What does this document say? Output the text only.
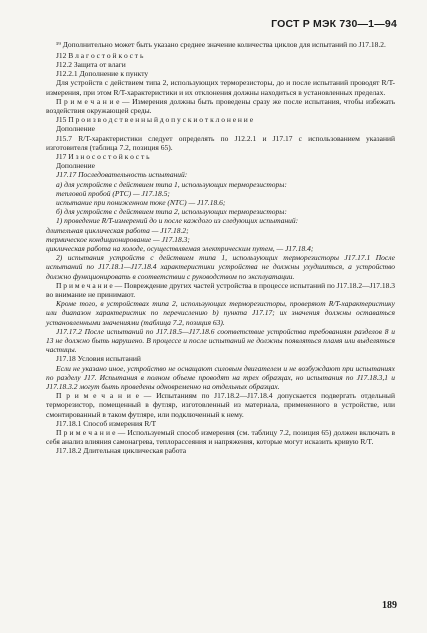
ГОСТ Р МЭК 730—1—94

¹⁹ Дополнительно может быть указано среднее значение количества циклов для испытаний по J17.18.2.

J12 В л а г о с т о й к о с т ь

J12.2 Защита от влаги

J12.2.1 Дополнение к пункту

Для устройств с действием типа 2, использующих терморезисторы, до и после испытаний проводят R/T-измерения, при этом R/T-характеристики и их отклонения должны находиться в установленных пределах.

П р и м е ч а н и е — Измерения должны быть проведены сразу же после испытания, чтобы избежать воздействия окружающей среды.

J15 П р о и з в о д с т в е н н ы й д о п у с к и о т к л о н е н и е

Дополнение

J15.7 R/T-характеристики следует определять по J12.2.1 и J17.17 с использованием указаний изготовителя (таблица 7.2, позиция 65).

J17 И з н о с о с т о й к о с т ь

Дополнение

J17.17 Последовательность испытаний:

а) для устройств с действием типа 1, использующих терморезисторы:

тепловой пробой (PTC) — J17.18.5;

испытание при пониженном токе (NTC) — J17.18.6;

б) для устройств с действием типа 2, использующих терморезисторы:

1) проведение R/T-измерений до и после каждого из следующих испытаний:

длительная циклическая работа — J17.18.2;

термическое кондиционирование — J17.18.3;

циклическая работа на холоде, осуществляемая электрическим путем, — J17.18.4;

2) испытания устройств с действием типа 1, использующих терморезисторы J17.17.1 После испытаний по J17.18.1—J17.18.4 характеристики устройства не должны ухудшиться, а устройство должно функционировать в соответствии с руководством по эксплуатации.

П р и м е ч а н и е — Повреждение других частей устройства в процессе испытаний по J17.18.2—J17.18.3 во внимание не принимают.

Кроме того, в устройствах типа 2, использующих терморезисторы, проверяют R/T-характеристику или диапазон характеристик по перечислению b) пункта J17.17; их значения должны оставаться установленными значениями (таблица 7.2, позиция 63).

J17.17.2 После испытаний по J17.18.5—J17.18.6 соответствие устройства требованиям разделов 8 и 13 не должно быть нарушено. В процессе и после испытаний не должны появляться пламя или выделяться частицы.

J17.18 Условия испытаний

Если не указано иное, устройство не оснащают силовым двигателем и не возбуждают при испытаниях по разделу J17. Испытания в полном объеме проводят на трех образцах, но испытания по J17.18.3,1 и J17.18.3.2 могут быть проведены одновременно на отдельных образцах.

П р и м е ч а н и е — Испытаниям по J17.18.2—J17.18.4 допускается подвергать отдельный терморезистор, помещенный в футляр, изготовленный из материала, примененного в устройстве, или смонтированный в таком футляре, или подключенный к нему.

J17.18.1 Способ измерения R/T

П р и м е ч а н и е — Используемый способ измерения (см. таблицу 7.2, позиция 65) должен включать в себя анализ влияния самонагрева, теплорассеяния и напряжения, которые могут исказить кривую R/T.

J17.18.2 Длительная циклическая работа

189
